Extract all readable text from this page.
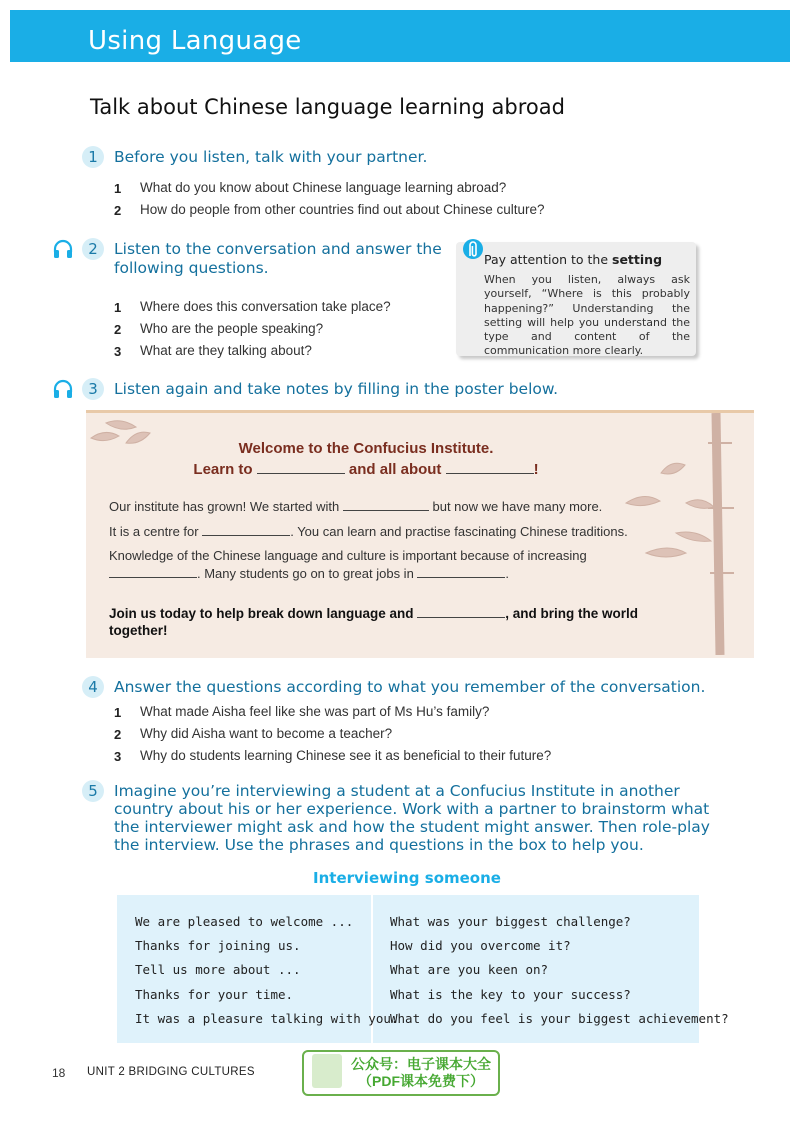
Using Language
Talk about Chinese language learning abroad
1	Before you listen, talk with your partner.
1 What do you know about Chinese language learning abroad?
2 How do people from other countries find out about Chinese culture?
2	Listen to the conversation and answer the
following questions.
1 Where does this conversation take place?
2 Who are the people speaking?
3 What are they talking about?
Pay attention to the setting
When you listen, always ask yourself, “Where is this probably happening?” Understanding the setting will help you understand the type and content of the communication more clearly.
3	Listen again and take notes by filling in the poster below.
Welcome to the Confucius Institute.
Learn to	and all about	!
Our institute has grown! We started with	but now we have many more.
It is a centre for	. You can learn and practise fascinating Chinese traditions.
Knowledge of the Chinese language and culture is important because of increasing
. Many students go on to great jobs in	.
Join us today to help break down language and	, and bring the world together!
4	Answer the questions according to what you remember of the conversation.
1 What made Aisha feel like she was part of Ms Hu’s family?
2 Why did Aisha want to become a teacher?
3 Why do students learning Chinese see it as beneficial to their future?
5	Imagine you’re interviewing a student at a Confucius Institute in another
country about his or her experience. Work with a partner to brainstorm what
the interviewer might ask and how the student might answer. Then role-play
the interview. Use the phrases and questions in the box to help you.
Interviewing someone
We are pleased to welcome ...
Thanks for joining us.
Tell us more about ...
Thanks for your time.
It was a pleasure talking with you.
What was your biggest challenge?
How did you overcome it?
What are you keen on?
What is the key to your success?
What do you feel is your biggest achievement?
18 UNIT 2 BRIDGING CULTURES	公众号：电子课本大全
（PDF课本免费下）
